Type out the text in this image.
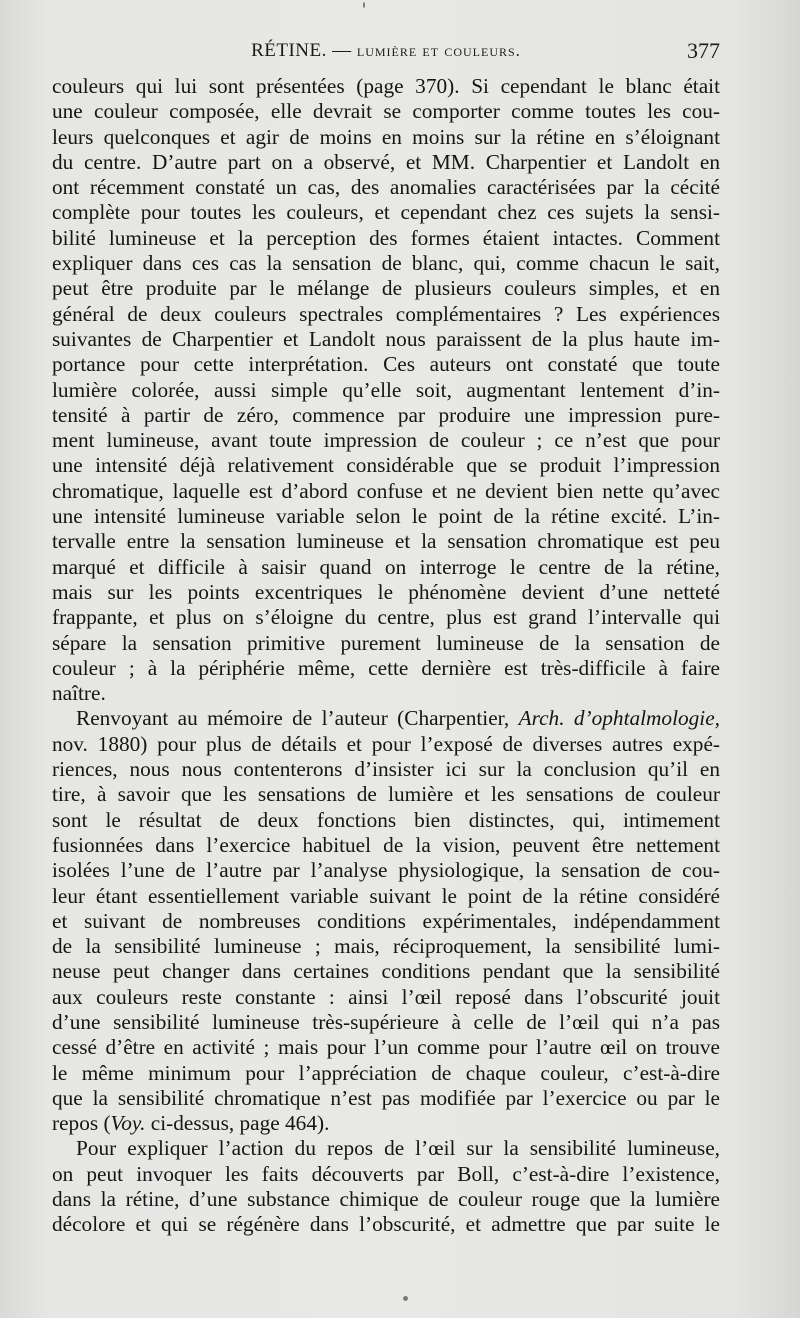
RÉTINE. — lumière et couleurs.	377
couleurs qui lui sont présentées (page 370). Si cependant le blanc était
une couleur composée, elle devrait se comporter comme toutes les cou-
leurs quelconques et agir de moins en moins sur la rétine en s’éloignant
du centre. D’autre part on a observé, et MM. Charpentier et Landolt en
ont récemment constaté un cas, des anomalies caractérisées par la cécité
complète pour toutes les couleurs, et cependant chez ces sujets la sensi-
bilité lumineuse et la perception des formes étaient intactes. Comment
expliquer dans ces cas la sensation de blanc, qui, comme chacun le sait,
peut être produite par le mélange de plusieurs couleurs simples, et en
général de deux couleurs spectrales complémentaires ? Les expériences
suivantes de Charpentier et Landolt nous paraissent de la plus haute im-
portance pour cette interprétation. Ces auteurs ont constaté que toute
lumière colorée, aussi simple qu’elle soit, augmentant lentement d’in-
tensité à partir de zéro, commence par produire une impression pure-
ment lumineuse, avant toute impression de couleur ; ce n’est que pour
une intensité déjà relativement considérable que se produit l’impression
chromatique, laquelle est d’abord confuse et ne devient bien nette qu’avec
une intensité lumineuse variable selon le point de la rétine excité. L’in-
tervalle entre la sensation lumineuse et la sensation chromatique est peu
marqué et difficile à saisir quand on interroge le centre de la rétine,
mais sur les points excentriques le phénomène devient d’une netteté
frappante, et plus on s’éloigne du centre, plus est grand l’intervalle qui
sépare la sensation primitive purement lumineuse de la sensation de
couleur ; à la périphérie même, cette dernière est très-difficile à faire
naître.
Renvoyant au mémoire de l’auteur (Charpentier, Arch. d’ophtalmologie,
nov. 1880) pour plus de détails et pour l’exposé de diverses autres expé-
riences, nous nous contenterons d’insister ici sur la conclusion qu’il en
tire, à savoir que les sensations de lumière et les sensations de couleur
sont le résultat de deux fonctions bien distinctes, qui, intimement
fusionnées dans l’exercice habituel de la vision, peuvent être nettement
isolées l’une de l’autre par l’analyse physiologique, la sensation de cou-
leur étant essentiellement variable suivant le point de la rétine considéré
et suivant de nombreuses conditions expérimentales, indépendamment
de la sensibilité lumineuse ; mais, réciproquement, la sensibilité lumi-
neuse peut changer dans certaines conditions pendant que la sensibilité
aux couleurs reste constante : ainsi l’œil reposé dans l’obscurité jouit
d’une sensibilité lumineuse très-supérieure à celle de l’œil qui n’a pas
cessé d’être en activité ; mais pour l’un comme pour l’autre œil on trouve
le même minimum pour l’appréciation de chaque couleur, c’est-à-dire
que la sensibilité chromatique n’est pas modifiée par l’exercice ou par le
repos (Voy. ci-dessus, page 464).
Pour expliquer l’action du repos de l’œil sur la sensibilité lumineuse,
on peut invoquer les faits découverts par Boll, c’est-à-dire l’existence,
dans la rétine, d’une substance chimique de couleur rouge que la lumière
décolore et qui se régénère dans l’obscurité, et admettre que par suite le
